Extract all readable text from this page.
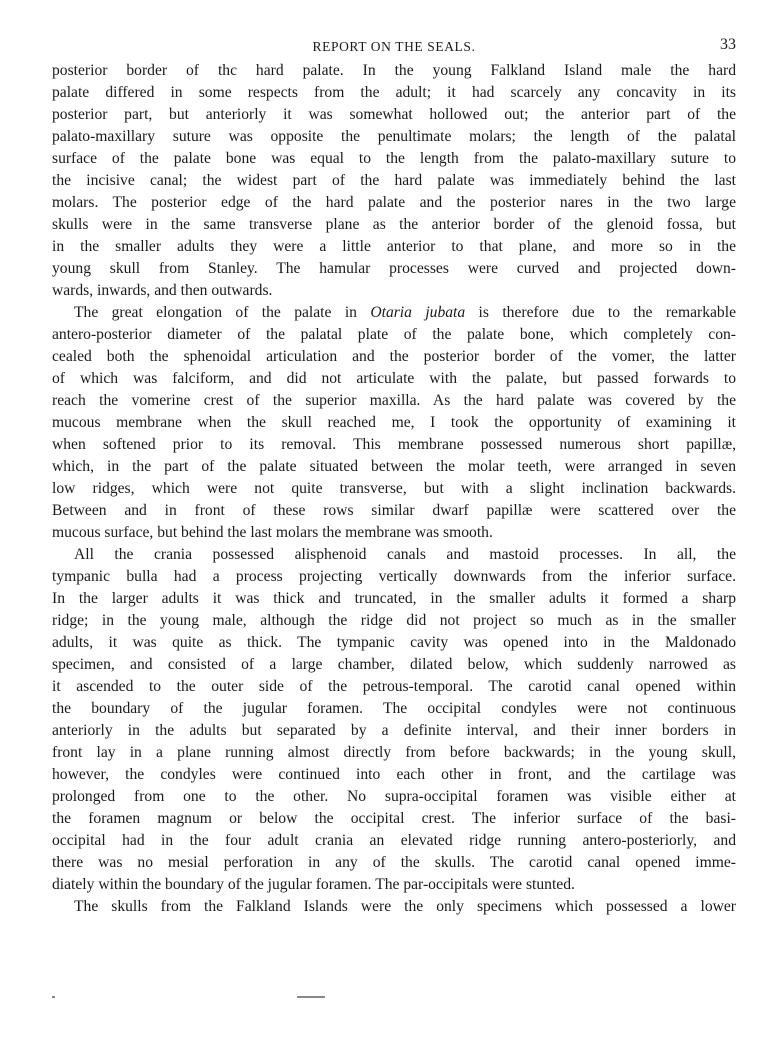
REPORT ON THE SEALS.	33
posterior border of thc hard palate. In the young Falkland Island male the hard
palate differed in some respects from the adult; it had scarcely any concavity in its
posterior part, but anteriorly it was somewhat hollowed out; the anterior part of the
palato-maxillary suture was opposite the penultimate molars; the length of the palatal
surface of the palate bone was equal to the length from the palato-maxillary suture to
the incisive canal; the widest part of the hard palate was immediately behind the last
molars. The posterior edge of the hard palate and the posterior nares in the two large
skulls were in the same transverse plane as the anterior border of the glenoid fossa, but
in the smaller adults they were a little anterior to that plane, and more so in the
young skull from Stanley. The hamular processes were curved and projected down-
wards, inwards, and then outwards.
The great elongation of the palate in Otaria jubata is therefore due to the remarkable
antero-posterior diameter of the palatal plate of the palate bone, which completely con-
cealed both the sphenoidal articulation and the posterior border of the vomer, the latter
of which was falciform, and did not articulate with the palate, but passed forwards to
reach the vomerine crest of the superior maxilla. As the hard palate was covered by the
mucous membrane when the skull reached me, I took the opportunity of examining it
when softened prior to its removal. This membrane possessed numerous short papillæ,
which, in the part of the palate situated between the molar teeth, were arranged in seven
low ridges, which were not quite transverse, but with a slight inclination backwards.
Between and in front of these rows similar dwarf papillæ were scattered over the
mucous surface, but behind the last molars the membrane was smooth.
All the crania possessed alisphenoid canals and mastoid processes. In all, the
tympanic bulla had a process projecting vertically downwards from the inferior surface.
In the larger adults it was thick and truncated, in the smaller adults it formed a sharp
ridge; in the young male, although the ridge did not project so much as in the smaller
adults, it was quite as thick. The tympanic cavity was opened into in the Maldonado
specimen, and consisted of a large chamber, dilated below, which suddenly narrowed as
it ascended to the outer side of the petrous-temporal. The carotid canal opened within
the boundary of the jugular foramen. The occipital condyles were not continuous
anteriorly in the adults but separated by a definite interval, and their inner borders in
front lay in a plane running almost directly from before backwards; in the young skull,
however, the condyles were continued into each other in front, and the cartilage was
prolonged from one to the other. No supra-occipital foramen was visible either at
the foramen magnum or below the occipital crest. The inferior surface of the basi-
occipital had in the four adult crania an elevated ridge running antero-posteriorly, and
there was no mesial perforation in any of the skulls. The carotid canal opened imme-
diately within the boundary of the jugular foramen. The par-occipitals were stunted.
The skulls from the Falkland Islands were the only specimens which possessed a lower
